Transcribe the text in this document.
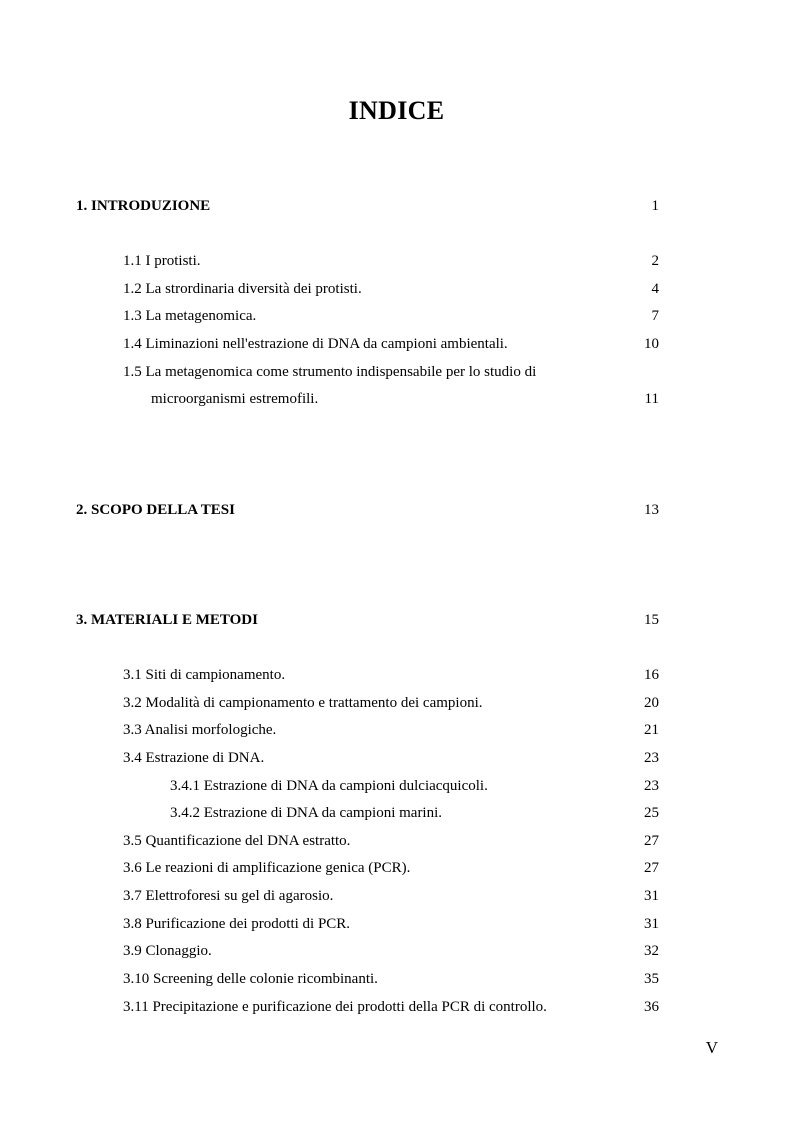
INDICE
1. INTRODUZIONE	1
1.1 I protisti.	2
1.2 La strordinaria diversità dei protisti.	4
1.3 La metagenomica.	7
1.4 Liminazioni nell'estrazione di DNA da campioni ambientali.	10
1.5 La metagenomica come strumento indispensabile per lo studio di
microorganismi estremofili.	11
2. SCOPO DELLA TESI	13
3. MATERIALI E METODI	15
3.1 Siti di campionamento.	16
3.2 Modalità di campionamento e trattamento dei campioni.	20
3.3 Analisi morfologiche.	21
3.4 Estrazione di DNA.	23
3.4.1 Estrazione di DNA da campioni dulciacquicoli.	23
3.4.2 Estrazione di DNA da campioni marini.	25
3.5 Quantificazione del DNA estratto.	27
3.6 Le reazioni di amplificazione genica (PCR).	27
3.7 Elettroforesi su gel di agarosio.	31
3.8 Purificazione dei prodotti di PCR.	31
3.9 Clonaggio.	32
3.10 Screening delle colonie ricombinanti.	35
3.11 Precipitazione e purificazione dei prodotti della PCR di controllo.	36
V
